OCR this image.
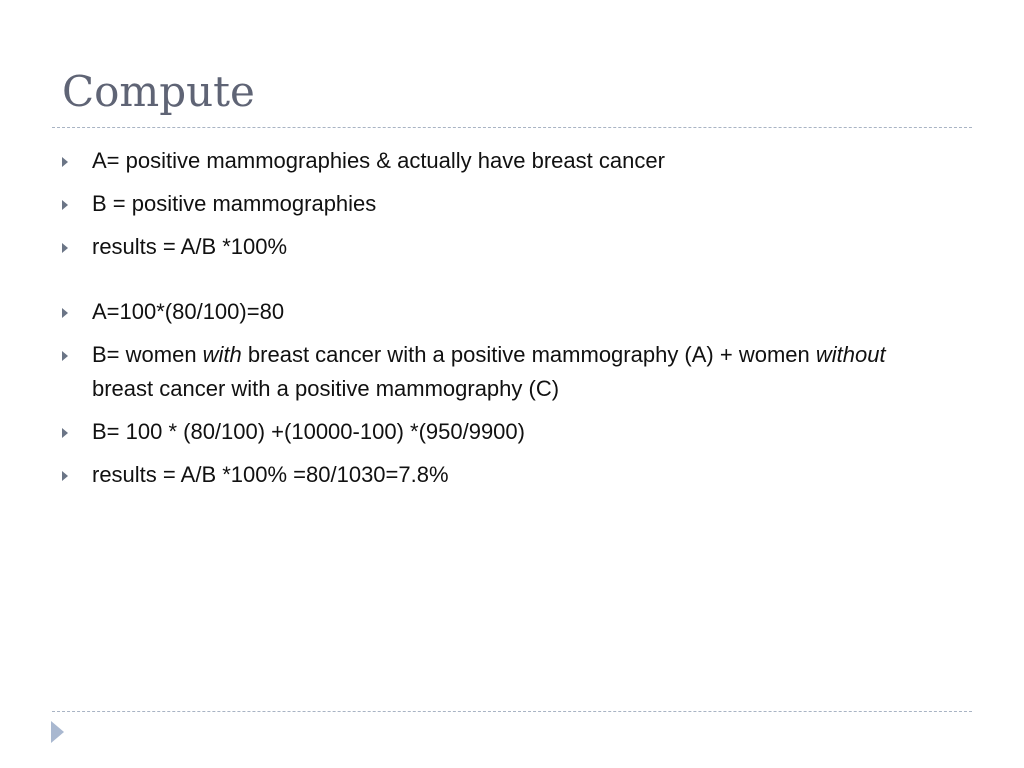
Compute
A= positive mammographies & actually have breast cancer
B = positive mammographies
results = A/B *100%
A=100*(80/100)=80
B= women with breast cancer with a positive mammography (A) + women without breast cancer with a positive mammography (C)
B= 100 * (80/100) +(10000-100) *(950/9900)
results = A/B *100% =80/1030=7.8%
